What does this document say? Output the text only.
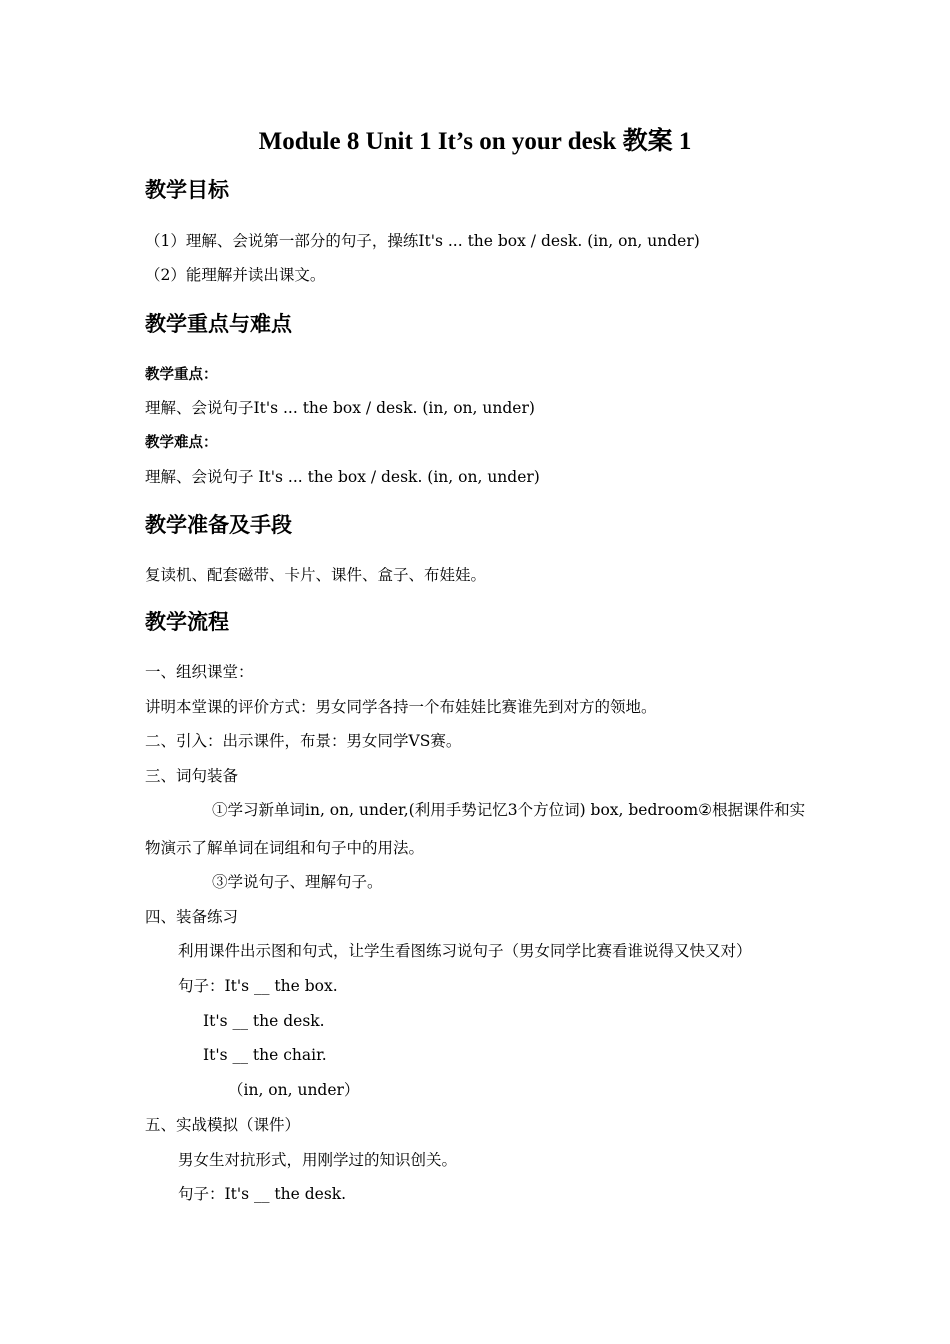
Module 8 Unit 1 It’s on your desk 教案 1
教学目标
（1）理解、会说第一部分的句子，操练It's ... the box / desk. (in, on, under)
（2）能理解并读出课文。
教学重点与难点
教学重点：
理解、会说句子It's ... the box / desk. (in, on, under)
教学难点：
理解、会说句子 It's ... the box / desk. (in, on, under)
教学准备及手段
复读机、配套磁带、卡片、课件、盒子、布娃娃。
教学流程
一、组织课堂：
讲明本堂课的评价方式：男女同学各持一个布娃娃比赛谁先到对方的领地。
二、引入：出示课件，布景：男女同学VS赛。
三、词句装备
①学习新单词in, on, under,(利用手势记忆3个方位词) box, bedroom②根据课件和实
物演示了解单词在词组和句子中的用法。
③学说句子、理解句子。
四、装备练习
利用课件出示图和句式，让学生看图练习说句子（男女同学比赛看谁说得又快又对）
句子：It's __ the box.
It's __ the desk.
It's __ the chair.
（in, on, under）
五、实战模拟（课件）
男女生对抗形式，用刚学过的知识创关。
句子：It's __ the desk.
